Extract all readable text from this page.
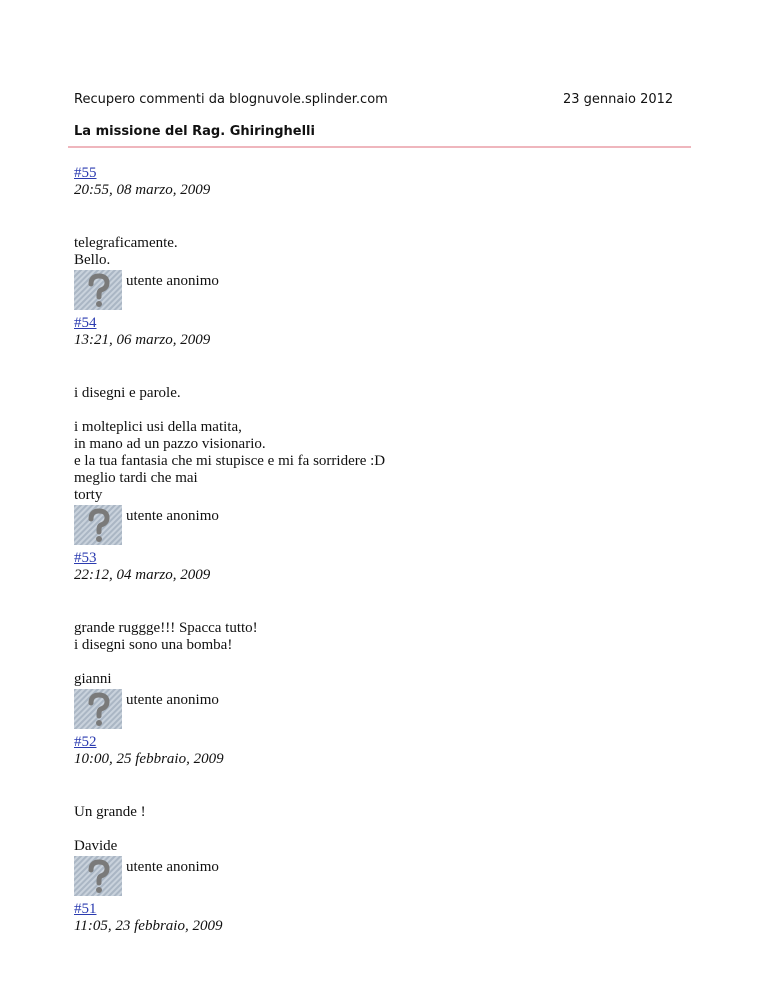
Recupero commenti da blognuvole.splinder.com	23 gennaio 2012
La missione del Rag. Ghiringhelli
#55
20:55, 08 marzo, 2009

telegraficamente.

Bello.

utente anonimo
#54
13:21, 06 marzo, 2009

i disegni e parole.

i molteplici usi della matita,

in mano ad un pazzo visionario.

e la tua fantasia che mi stupisce e mi fa sorridere :D

meglio tardi che mai

torty

utente anonimo
#53
22:12, 04 marzo, 2009

grande ruggge!!! Spacca tutto!

i disegni sono una bomba!

gianni

utente anonimo
#52
10:00, 25 febbraio, 2009

Un grande !

Davide

utente anonimo
#51
11:05, 23 febbraio, 2009
